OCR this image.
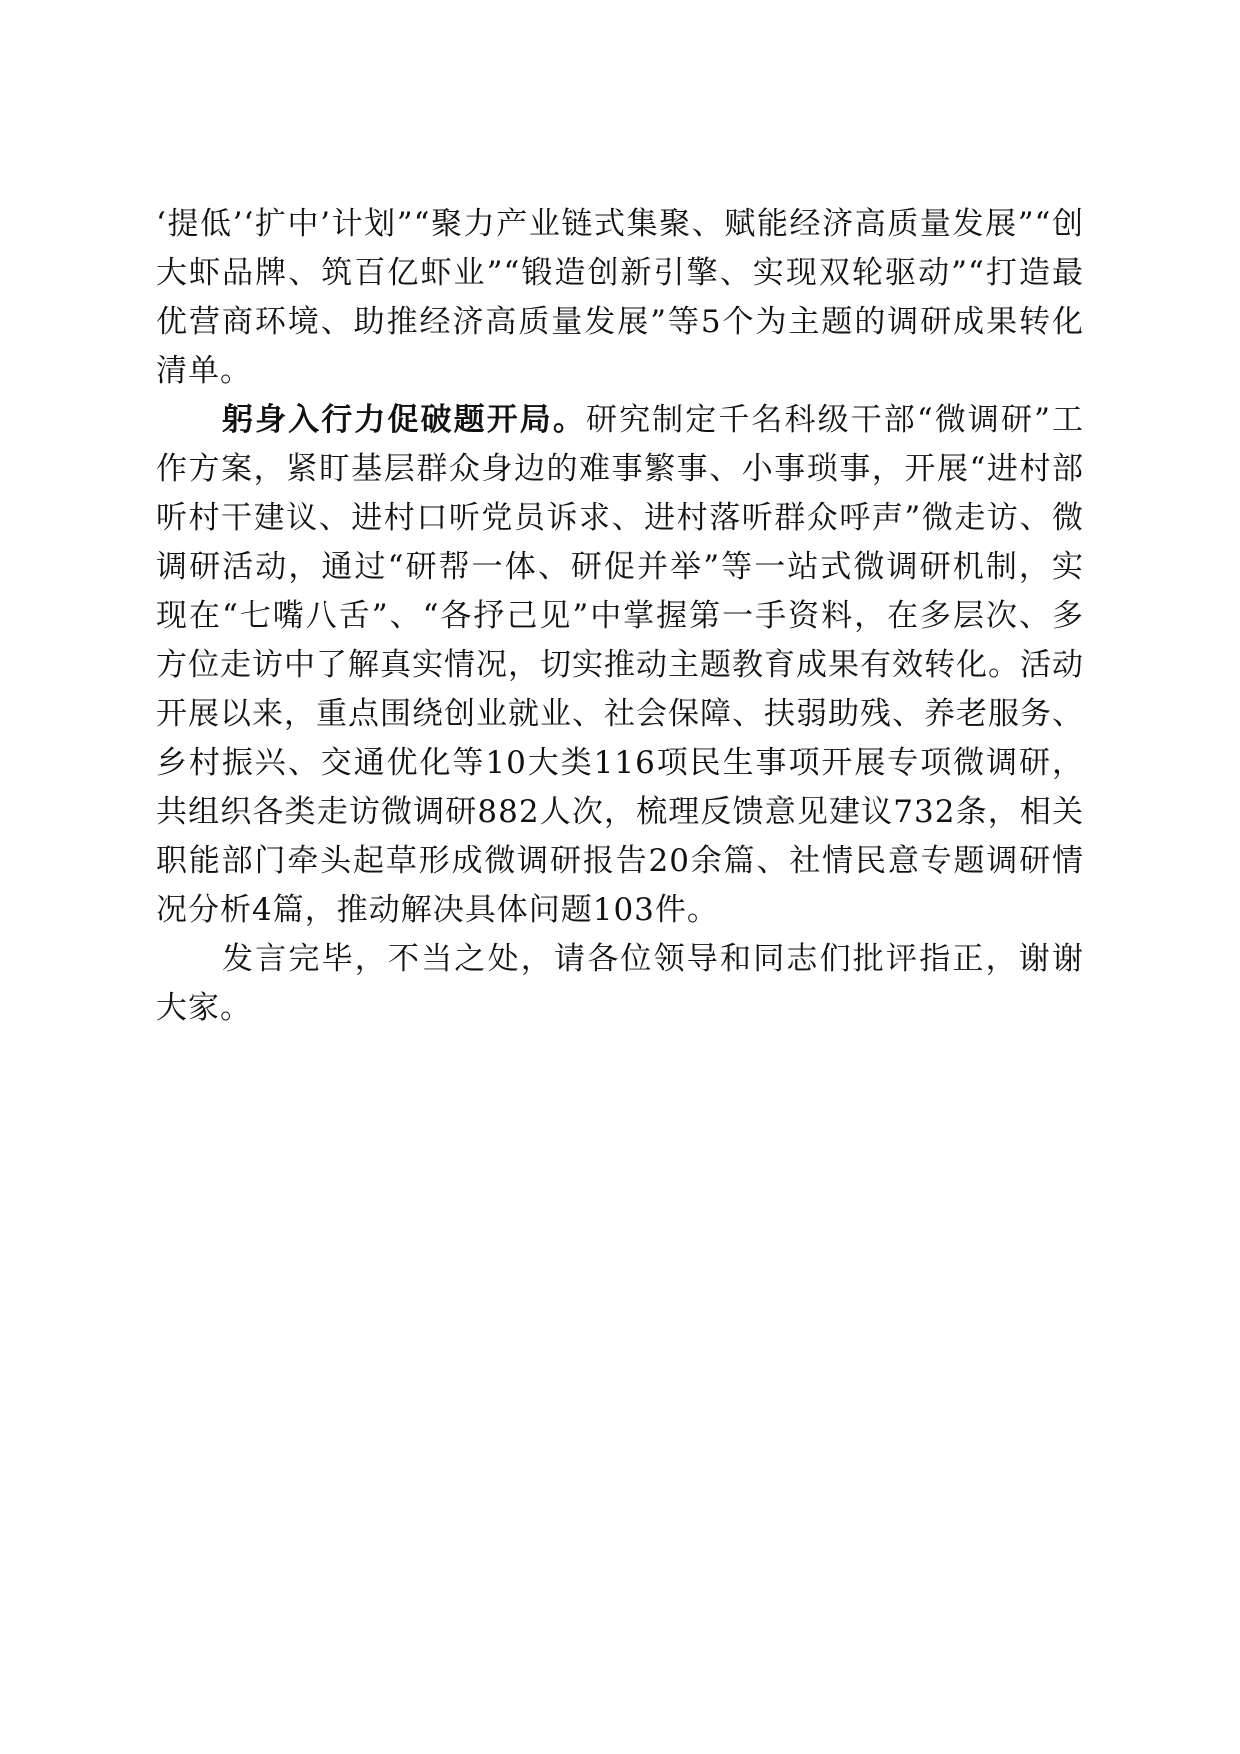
‘提低’‘扩中’计划”“聚力产业链式集聚、赋能经济高质量发展”“创大虾品牌、筑百亿虾业”“锻造创新引擎、实现双轮驱动”“打造最优营商环境、助推经济高质量发展”等5个为主题的调研成果转化清单。

躬身入行力促破题开局。研究制定千名科级干部“微调研”工作方案，紧盯基层群众身边的难事繁事、小事琐事，开展“进村部听村干建议、进村口听党员诉求、进村落听群众呼声”微走访、微调研活动，通过“研帮一体、研促并举”等一站式微调研机制，实现在“七嘴八舌”、“各抒己见”中掌握第一手资料，在多层次、多方位走访中了解真实情况，切实推动主题教育成果有效转化。活动开展以来，重点围绕创业就业、社会保障、扶弱助残、养老服务、乡村振兴、交通优化等10大类116项民生事项开展专项微调研，共组织各类走访微调研882人次，梳理反馈意见建议732条，相关职能部门牵头起草形成微调研报告20余篇、社情民意专题调研情况分析4篇，推动解决具体问题103件。

发言完毕，不当之处，请各位领导和同志们批评指正，谢谢大家。
